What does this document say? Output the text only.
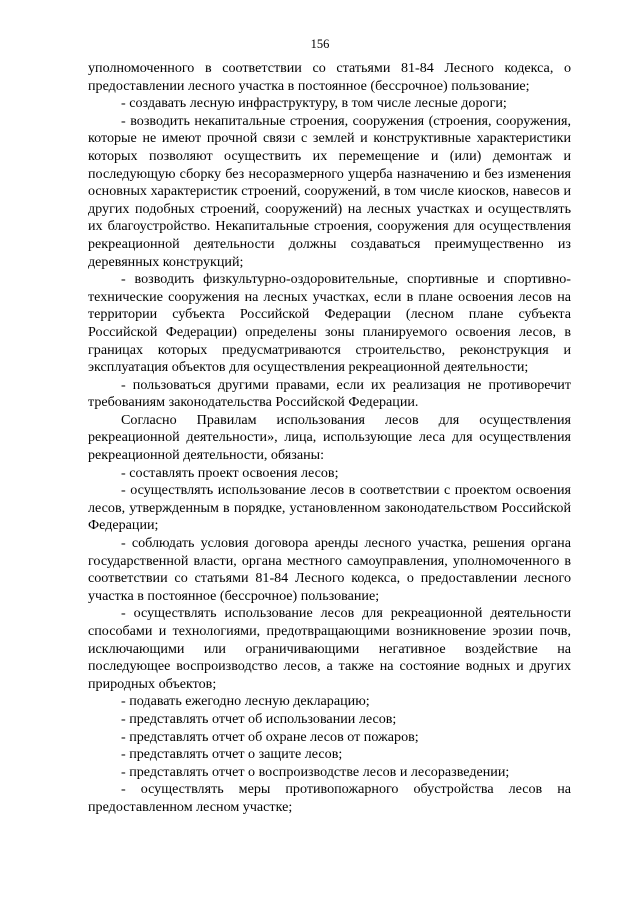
156

уполномоченного в соответствии со статьями 81-84 Лесного кодекса, о предоставлении лесного участка в постоянное (бессрочное) пользование;

- создавать лесную инфраструктуру, в том числе лесные дороги;

- возводить некапитальные строения, сооружения (строения, сооружения, которые не имеют прочной связи с землей и конструктивные характеристики которых позволяют осуществить их перемещение и (или) демонтаж и последующую сборку без несоразмерного ущерба назначению и без изменения основных характеристик строений, сооружений, в том числе киосков, навесов и других подобных строений, сооружений) на лесных участках и осуществлять их благоустройство. Некапитальные строения, сооружения для осуществления рекреационной деятельности должны создаваться преимущественно из деревянных конструкций;

- возводить физкультурно-оздоровительные, спортивные и спортивно-технические сооружения на лесных участках, если в плане освоения лесов на территории субъекта Российской Федерации (лесном плане субъекта Российской Федерации) определены зоны планируемого освоения лесов, в границах которых предусматриваются строительство, реконструкция и эксплуатация объектов для осуществления рекреационной деятельности;

- пользоваться другими правами, если их реализация не противоречит требованиям законодательства Российской Федерации.

Согласно Правилам использования лесов для осуществления рекреационной деятельности», лица, использующие леса для осуществления рекреационной деятельности, обязаны:

- составлять проект освоения лесов;

- осуществлять использование лесов в соответствии с проектом освоения лесов, утвержденным в порядке, установленном законодательством Российской Федерации;

- соблюдать условия договора аренды лесного участка, решения органа государственной власти, органа местного самоуправления, уполномоченного в соответствии со статьями 81-84 Лесного кодекса, о предоставлении лесного участка в постоянное (бессрочное) пользование;

- осуществлять использование лесов для рекреационной деятельности способами и технологиями, предотвращающими возникновение эрозии почв, исключающими или ограничивающими негативное воздействие на последующее воспроизводство лесов, а также на состояние водных и других природных объектов;

- подавать ежегодно лесную декларацию;

- представлять отчет об использовании лесов;

- представлять отчет об охране лесов от пожаров;

- представлять отчет о защите лесов;

- представлять отчет о воспроизводстве лесов и лесоразведении;

- осуществлять меры противопожарного обустройства лесов на предоставленном лесном участке;
